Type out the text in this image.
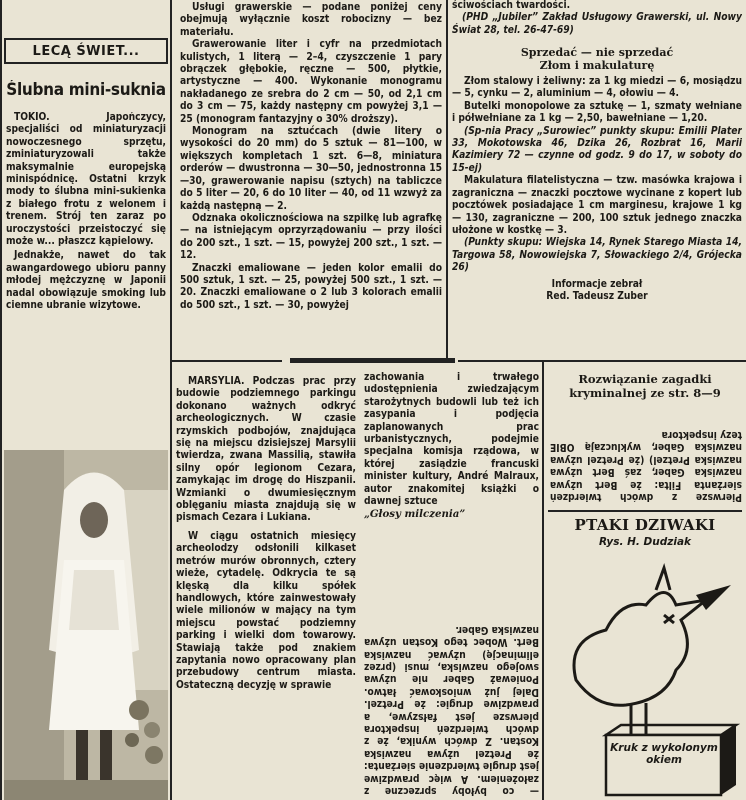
LECĄ ŚWIET...
Ślubna mini-suknia

TOKIO.	Japończycy, specjaliści od miniaturyzacji nowoczesnego sprzętu, zminiaturyzowali także maksymalnie europejską minispódnicę. Ostatni krzyk mody to ślubna mini-sukienka z białego frotu z welonem i trenem. Strój ten zaraz po uroczystości przeistoczyć się może w... płaszcz kąpielowy.

Jednakże, nawet do tak awangardowego ubioru panny młodej mężczyznę w Japonii nadal obowiązuje smoking lub ciemne ubranie wizytowe.

Usługi grawerskie — podane poniżej ceny obejmują wyłącznie koszt robocizny — bez materiału.

Grawerowanie liter i cyfr na przedmiotach kulistych, 1 literą — 2–4, czyszczenie 1 pary obrączek głębokie, ręczne — 500, płytkie, artystyczne — 400. Wykonanie monogramu nakładanego ze srebra do 2 cm — 50, od 2,1 cm do 3 cm — 75, każdy następny cm powyżej 3,1 — 25 (monogram fantazyjny o 30% droższy).

Monogram na sztućcach (dwie litery o wysokości do 20 mm) do 5 sztuk — 81—100, w większych kompletach 1 szt. 6—8, miniatura orderów — dwustronna — 30—50, jednostronna 15—30, grawerowanie napisu (sztych) na tabliczce do 5 liter — 20, 6 do 10 liter — 40, od 11 wzwyż za każdą następną — 2.

Odznaka okolicznościowa na szpilkę lub agrafkę — na istniejącym oprzyrządowaniu — przy ilości do 200 szt., 1 szt. — 15, powyżej 200 szt., 1 szt. — 12.

Znaczki emaliowane — jeden kolor emalii do 500 sztuk, 1 szt. — 25, powyżej 500 szt., 1 szt. — 20. Znaczki emaliowane o 2 lub 3 kolorach emalii do 500 szt., 1 szt. — 30, powyżej

ściwościach twardości.

(PHD „Jubiler” Zakład Usługowy Grawerski, ul. Nowy Świat 28, tel. 26-47-69)

Sprzedać — nie sprzedać

Złom i makulaturę

Złom stalowy i żeliwny: za 1 kg miedzi — 6, mosiądzu — 5, cynku — 2, aluminium — 4, ołowiu — 4.

Butelki monopolowe za sztukę — 1, szmaty wełniane i półwełniane za 1 kg — 2,50, bawełniane — 1,20.

(Sp-nia Pracy „Surowiec” punkty skupu: Emilii Plater 33, Mokotowska 46, Dzika 26, Rozbrat 16, Marii Kazimiery 72 — czynne od godz. 9 do 17, w soboty do 15-ej)

Makulatura filatelistyczna — tzw. masówka krajowa i zagraniczna — znaczki pocztowe wycinane z kopert lub pocztówek posiadające 1 cm marginesu, krajowe 1 kg — 130, zagraniczne — 200, 100 sztuk jednego znaczka ułożone w kostkę — 3.

(Punkty skupu: Wiejska 14, Rynek Starego Miasta 14, Targowa 58, Nowowiejska 7, Słowackiego 2/4, Grójecka 26)

Informacje zebrał

Red. Tadeusz Zuber

MARSYLIA. Podczas prac przy budowie podziemnego parkingu dokonano ważnych odkryć archeologicznych. W czasie rzymskich podbojów, znajdująca się na miejscu dzisiejszej Marsylii twierdza, zwana Massilią, stawiła silny opór legionom Cezara, zamykając im drogę do Hiszpanii. Wzmianki o dwumiesięcznym oblęganiu miasta znajdują się w pismach Cezara i Lukiana.

W ciągu ostatnich miesięcy archeolodzy odsłonili kilkaset metrów murów obronnych, cztery wieże, cytadelę. Odkrycia te są klęską dla kilku spółek handlowych, które zainwestowały wiele milionów w mający na tym miejscu powstać podziemny parking i wielki dom towarowy. Stawiają także pod znakiem zapytania nowo opracowany plan przebudowy centrum miasta. Ostateczną decyzję w sprawie

zachowania i trwałego udostępnienia zwiedzającym starożytnych budowli lub też ich zasypania i podjęcia zaplanowanych prac urbanistycznych, podejmie specjalna komisja rządowa, w której zasiądzie francuski minister kultury, André Malraux, autor znakomitej książki o dawnej sztuce

„Głosy milczenia”

— co byłoby sprzeczne z założeniem. A więc prawdziwe jest drugie twierdzenie sierżanta: że Pretzel używa nazwiska Kostan. Z dwóch wynika, że z dwóch twierdzeń inspektora pierwsze jest fałszywe, a prawdziwe drugie: że Pretzel. Dalej już wnioskować łatwo. Ponieważ Gaber nie używa swojego nazwiska, musi (przez eliminację) używać nazwiska Bert. Wobec tego Kostan używa nazwiska Gaber.

Rozwiązanie zagadki
kryminalnej ze str. 8—9

Pierwsze z dwóch twierdzeń sierżanta Filta: że Bert używa nazwiska Gaber, zaś Bert używa nazwiska Pretzel) (że Pretzel używa nazwiska Gaber, wykluczają OBIE tezy inspektora

PTAKI DZIWAKI
Rys. H. Dudziak
Kruk z wykolonym okiem
